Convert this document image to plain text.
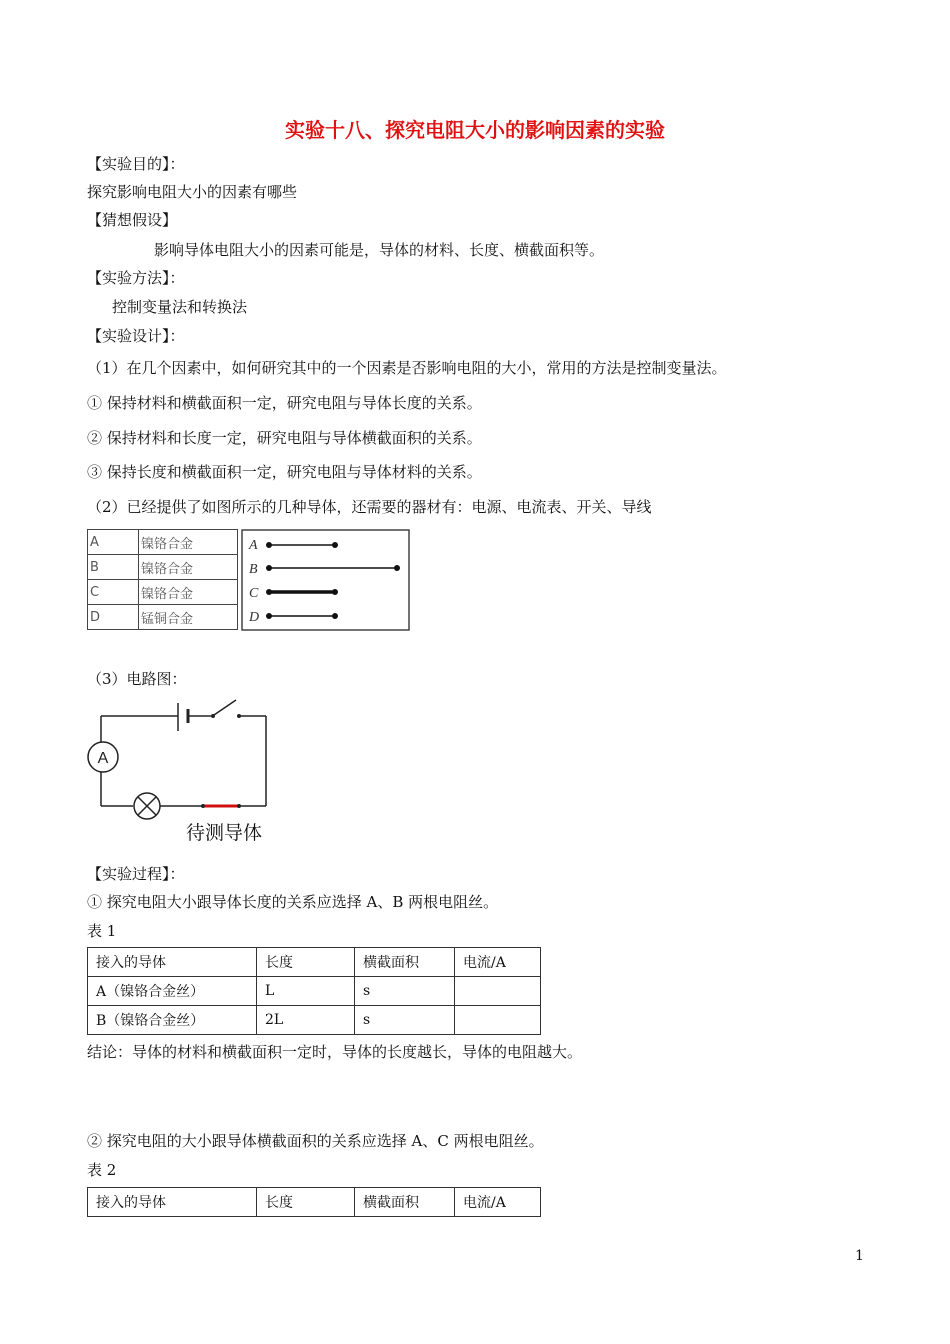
实验十八、探究电阻大小的影响因素的实验
【实验目的】：
探究影响电阻大小的因素有哪些
【猜想假设】
影响导体电阻大小的因素可能是，导体的材料、长度、横截面积等。
【实验方法】：
控制变量法和转换法
【实验设计】：
（1）在几个因素中，如何研究其中的一个因素是否影响电阻的大小，常用的方法是控制变量法。
① 保持材料和横截面积一定，研究电阻与导体长度的关系。
② 保持材料和长度一定，研究电阻与导体横截面积的关系。
③ 保持长度和横截面积一定，研究电阻与导体材料的关系。
（2）已经提供了如图所示的几种导体，还需要的器材有：电源、电流表、开关、导线
A	镍铬合金
B	镍铬合金
C	镍铬合金
D	锰铜合金
A
B
C
D
（3）电路图：
A
待测导体
【实验过程】：
① 探究电阻大小跟导体长度的关系应选择 A、B 两根电阻丝。
表 1
接入的导体	长度	横截面积	电流/A
A（镍铬合金丝）	L	s	
B（镍铬合金丝）	2L	s	
结论：导体的材料和横截面积一定时，导体的长度越长，导体的电阻越大。
② 探究电阻的大小跟导体横截面积的关系应选择 A、C 两根电阻丝。
表 2
接入的导体	长度	横截面积	电流/A
1
